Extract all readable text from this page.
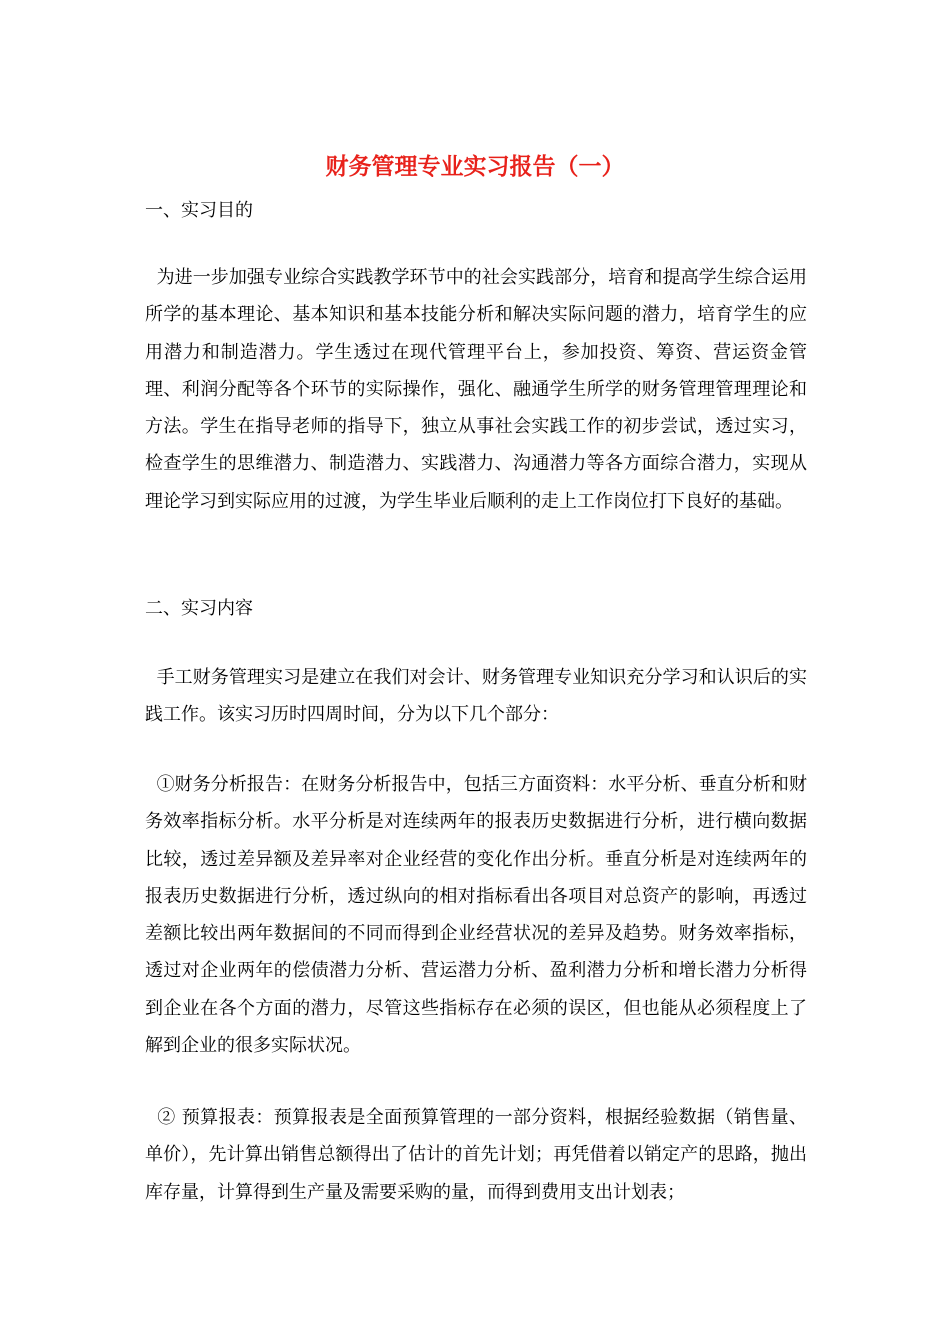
财务管理专业实习报告（一）

一、实习目的

为进一步加强专业综合实践教学环节中的社会实践部分，培育和提高学生综合运用所学的基本理论、基本知识和基本技能分析和解决实际问题的潜力，培育学生的应用潜力和制造潜力。学生透过在现代管理平台上，参加投资、筹资、营运资金管理、利润分配等各个环节的实际操作，强化、融通学生所学的财务管理管理理论和方法。学生在指导老师的指导下，独立从事社会实践工作的初步尝试，透过实习，检查学生的思维潜力、制造潜力、实践潜力、沟通潜力等各方面综合潜力，实现从理论学习到实际应用的过渡，为学生毕业后顺利的走上工作岗位打下良好的基础。

二、实习内容

手工财务管理实习是建立在我们对会计、财务管理专业知识充分学习和认识后的实践工作。该实习历时四周时间，分为以下几个部分：

①财务分析报告：在财务分析报告中，包括三方面资料：水平分析、垂直分析和财务效率指标分析。水平分析是对连续两年的报表历史数据进行分析，进行横向数据比较，透过差异额及差异率对企业经营的变化作出分析。垂直分析是对连续两年的报表历史数据进行分析，透过纵向的相对指标看出各项目对总资产的影响，再透过差额比较出两年数据间的不同而得到企业经营状况的差异及趋势。财务效率指标，透过对企业两年的偿债潜力分析、营运潜力分析、盈利潜力分析和增长潜力分析得到企业在各个方面的潜力，尽管这些指标存在必须的误区，但也能从必须程度上了解到企业的很多实际状况。

② 预算报表：预算报表是全面预算管理的一部分资料，根据经验数据（销售量、单价），先计算出销售总额得出了估计的首先计划；再凭借着以销定产的思路，抛出库存量，计算得到生产量及需要采购的量，而得到费用支出计划表；
